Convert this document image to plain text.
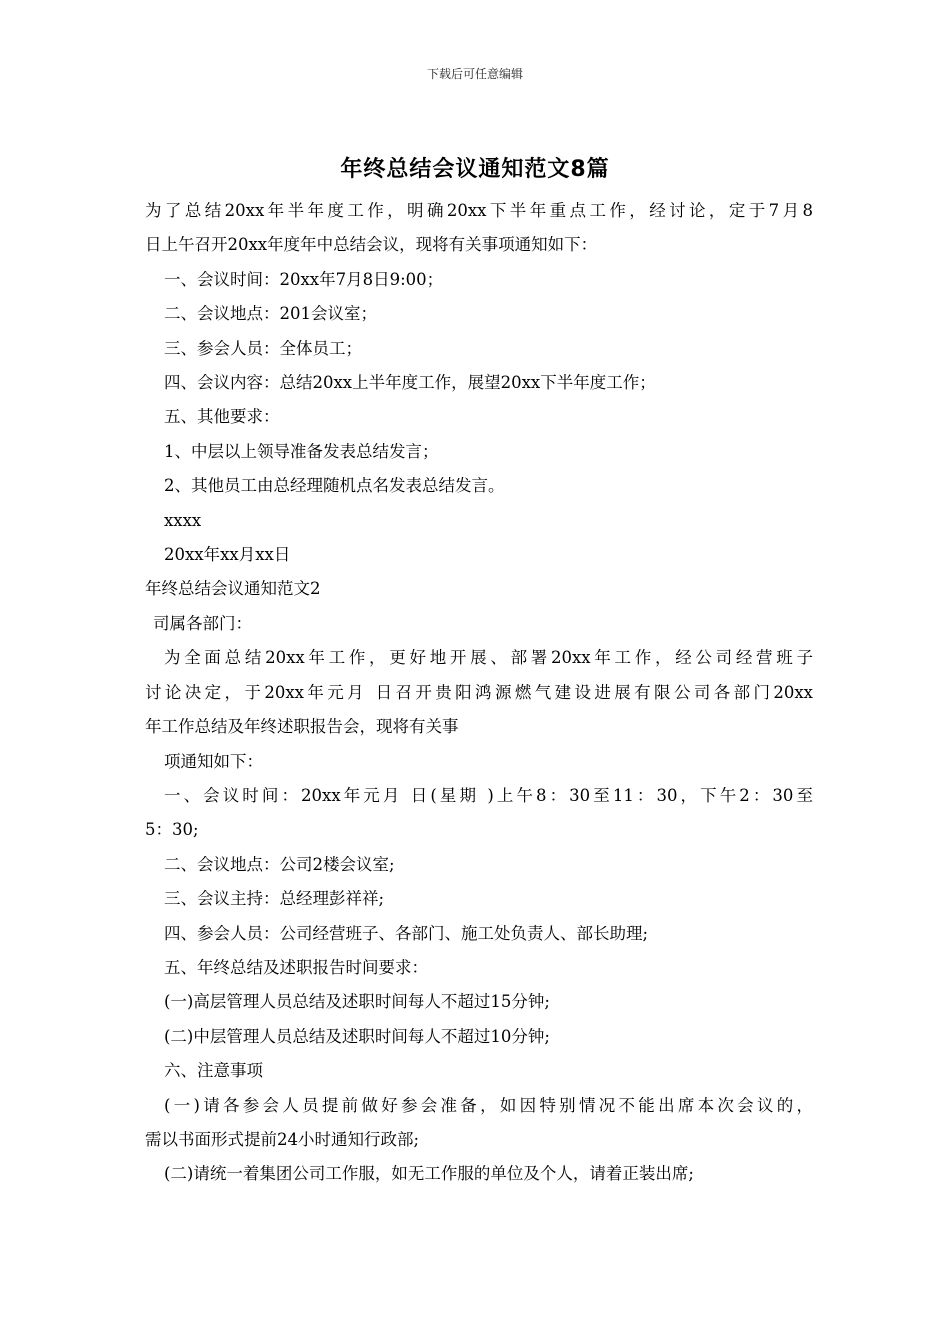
下载后可任意编辑
年终总结会议通知范文8篇
为了总结20xx年半年度工作，明确20xx下半年重点工作，经讨论，定于7月8
日上午召开20xx年度年中总结会议，现将有关事项通知如下：
一、会议时间：20xx年7月8日9:00；
二、会议地点：201会议室；
三、参会人员：全体员工；
四、会议内容：总结20xx上半年度工作，展望20xx下半年度工作；
五、其他要求：
1、中层以上领导准备发表总结发言；
2、其他员工由总经理随机点名发表总结发言。
xxxx
20xx年xx月xx日
年终总结会议通知范文2
司属各部门：
为全面总结20xx年工作，更好地开展、部署20xx年工作，经公司经营班子
讨论决定，于20xx年元月 日召开贵阳鸿源燃气建设进展有限公司各部门20xx
年工作总结及年终述职报告会，现将有关事
项通知如下：
一、会议时间：20xx年元月 日(星期 )上午8：30至11：30，下午2：30至
5：30;
二、会议地点：公司2楼会议室;
三、会议主持：总经理彭祥祥;
四、参会人员：公司经营班子、各部门、施工处负责人、部长助理;
五、年终总结及述职报告时间要求：
(一)高层管理人员总结及述职时间每人不超过15分钟;
(二)中层管理人员总结及述职时间每人不超过10分钟;
六、注意事项
(一)请各参会人员提前做好参会准备，如因特别情况不能出席本次会议的，
需以书面形式提前24小时通知行政部;
(二)请统一着集团公司工作服，如无工作服的单位及个人，请着正装出席;
